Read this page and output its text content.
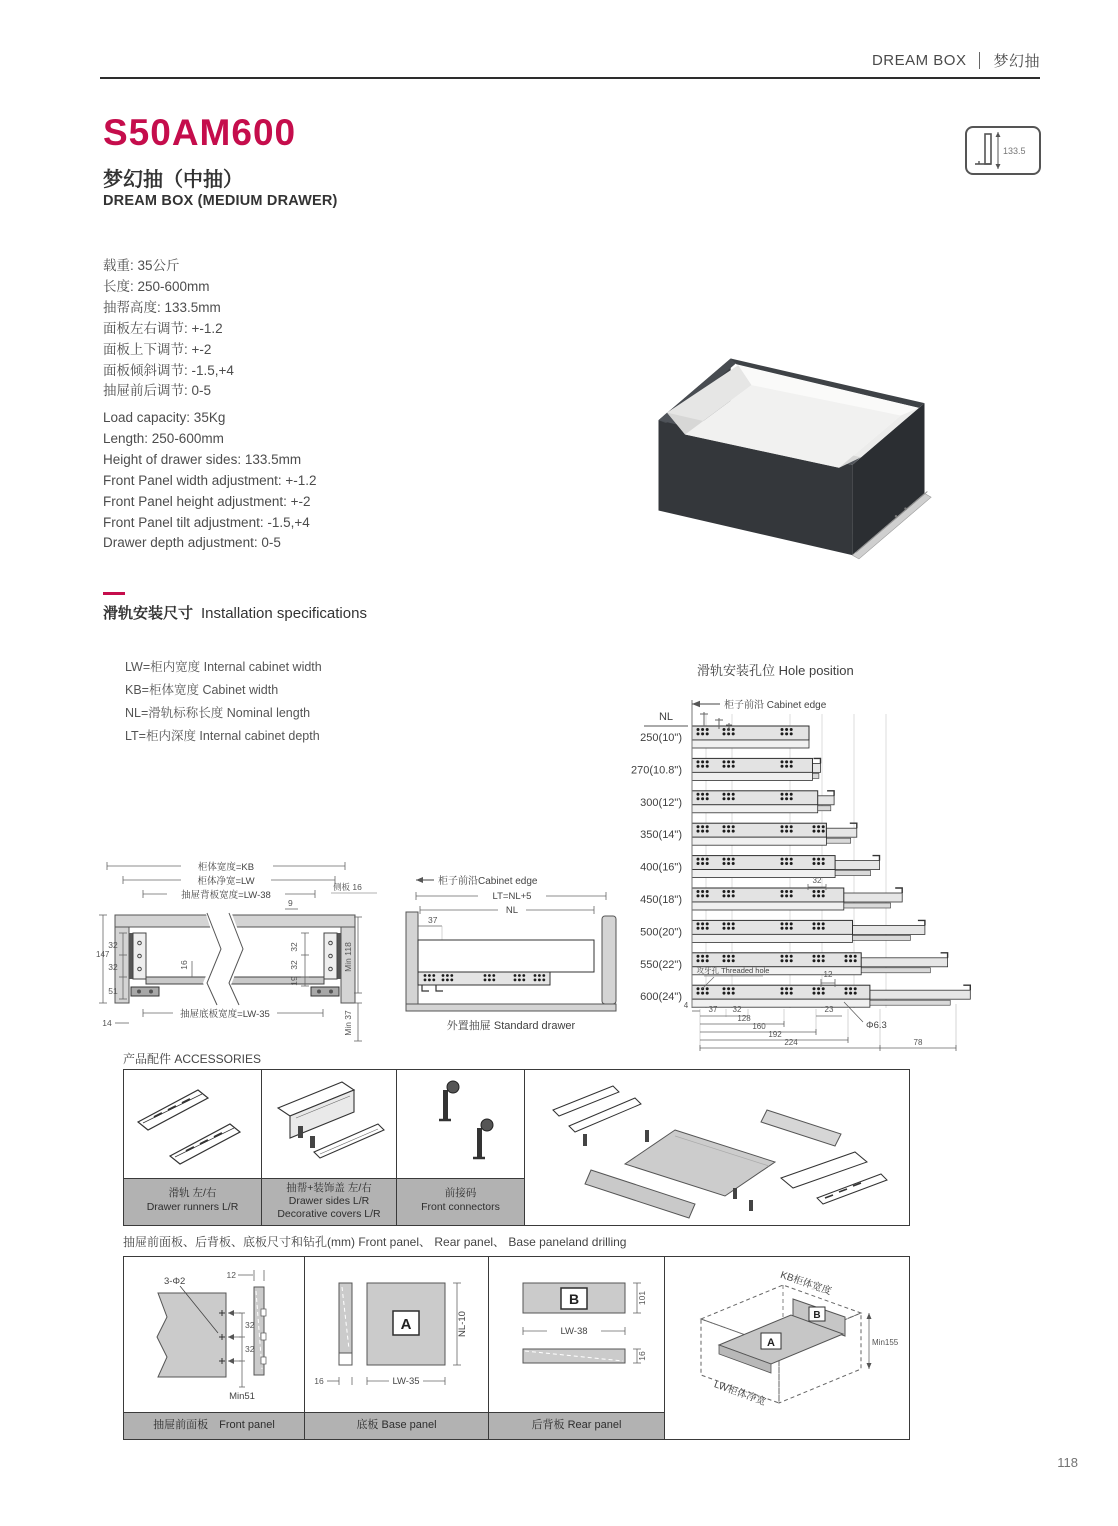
DREAM BOX 梦幻抽
S50AM600
梦幻抽（中抽）
DREAM BOX (MEDIUM DRAWER)
133.5
载重: 35公斤
长度: 250-600mm
抽帮高度: 133.5mm
面板左右调节: +-1.2
面板上下调节: +-2
面板倾斜调节: -1.5,+4
抽屉前后调节: 0-5
Load capacity: 35Kg
Length: 250-600mm
Height of drawer sides: 133.5mm
Front Panel width adjustment: +-1.2
Front Panel height adjustment: +-2
Front Panel tilt adjustment: -1.5,+4
Drawer depth adjustment: 0-5
滑轨安装尺寸 Installation specifications
LW=柜内宽度 Internal cabinet width
KB=柜体宽度 Cabinet width
NL=滑轨标称长度 Nominal length
LT=柜内深度 Internal cabinet depth
滑轨安装孔位 Hole position
250(10")
270(10.8")
300(12")
350(14")
400(16")
450(18")
500(20")
550(22")
600(24")
柜子前沿 Cabinet edge
NL
32
攻牙孔 Threaded hole	12
4	37 32	23
128
160
192
224	78
Φ6.3
柜体宽度=KB
柜体净宽=LW
抽屉背板宽度=LW-38
侧板 16
9
32
32
51
147
16
32
32
19
Min 118
抽屉底板宽度=LW-35
14	Min 37
柜子前沿Cabinet edge
LT=NL+5
NL
37
外置抽屉 Standard drawer
产品配件 ACCESSORIES
滑轨 左/右
Drawer runners L/R
抽帮+装饰盖 左/右
Drawer sides L/R
Decorative covers L/R
前接码
Front connectors
抽屉前面板、后背板、底板尺寸和钻孔(mm) Front panel、 Rear panel、 Base paneland drilling
3-Φ2
12
32
32
Min51
抽屉前面板　Front panel
A	NL-10
LW-35
16
底板 Base panel
B	101
LW-38
16
后背板 Rear panel
A
B
KB柜体宽度
LW柜体净宽
Min155
118
